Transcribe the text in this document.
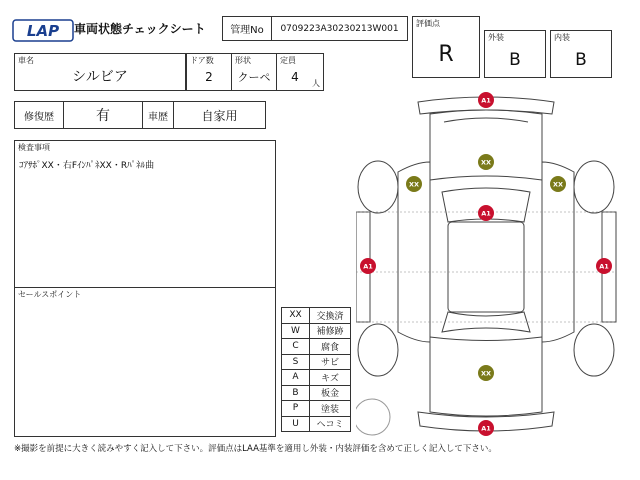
LAP 車両状態チェックシート	管理No	0709223A30230213W001	評価点
R
外装
B
内装
B
車名
シルビア
ドア数
2
形状
クーペ
定員
4	人
修復歴	有	車歴	自家用
検査事項
ｺｱｻﾎﾟXX・右FｲﾝﾊﾟﾈXX・Rﾊﾟﾈﾙ曲
セールスポイント
XX	交換済
W	補修跡
C	腐食
S	サビ
A	キズ
B	板金
P	塗装
U	ヘコミ
A1
XX
XX	XX
A1
A1	A1
XX
A1
※撮影を前提に大きく読みやすく記入して下さい。評価点はLAA基準を適用し外装・内装評価を含めて正しく記入して下さい。
